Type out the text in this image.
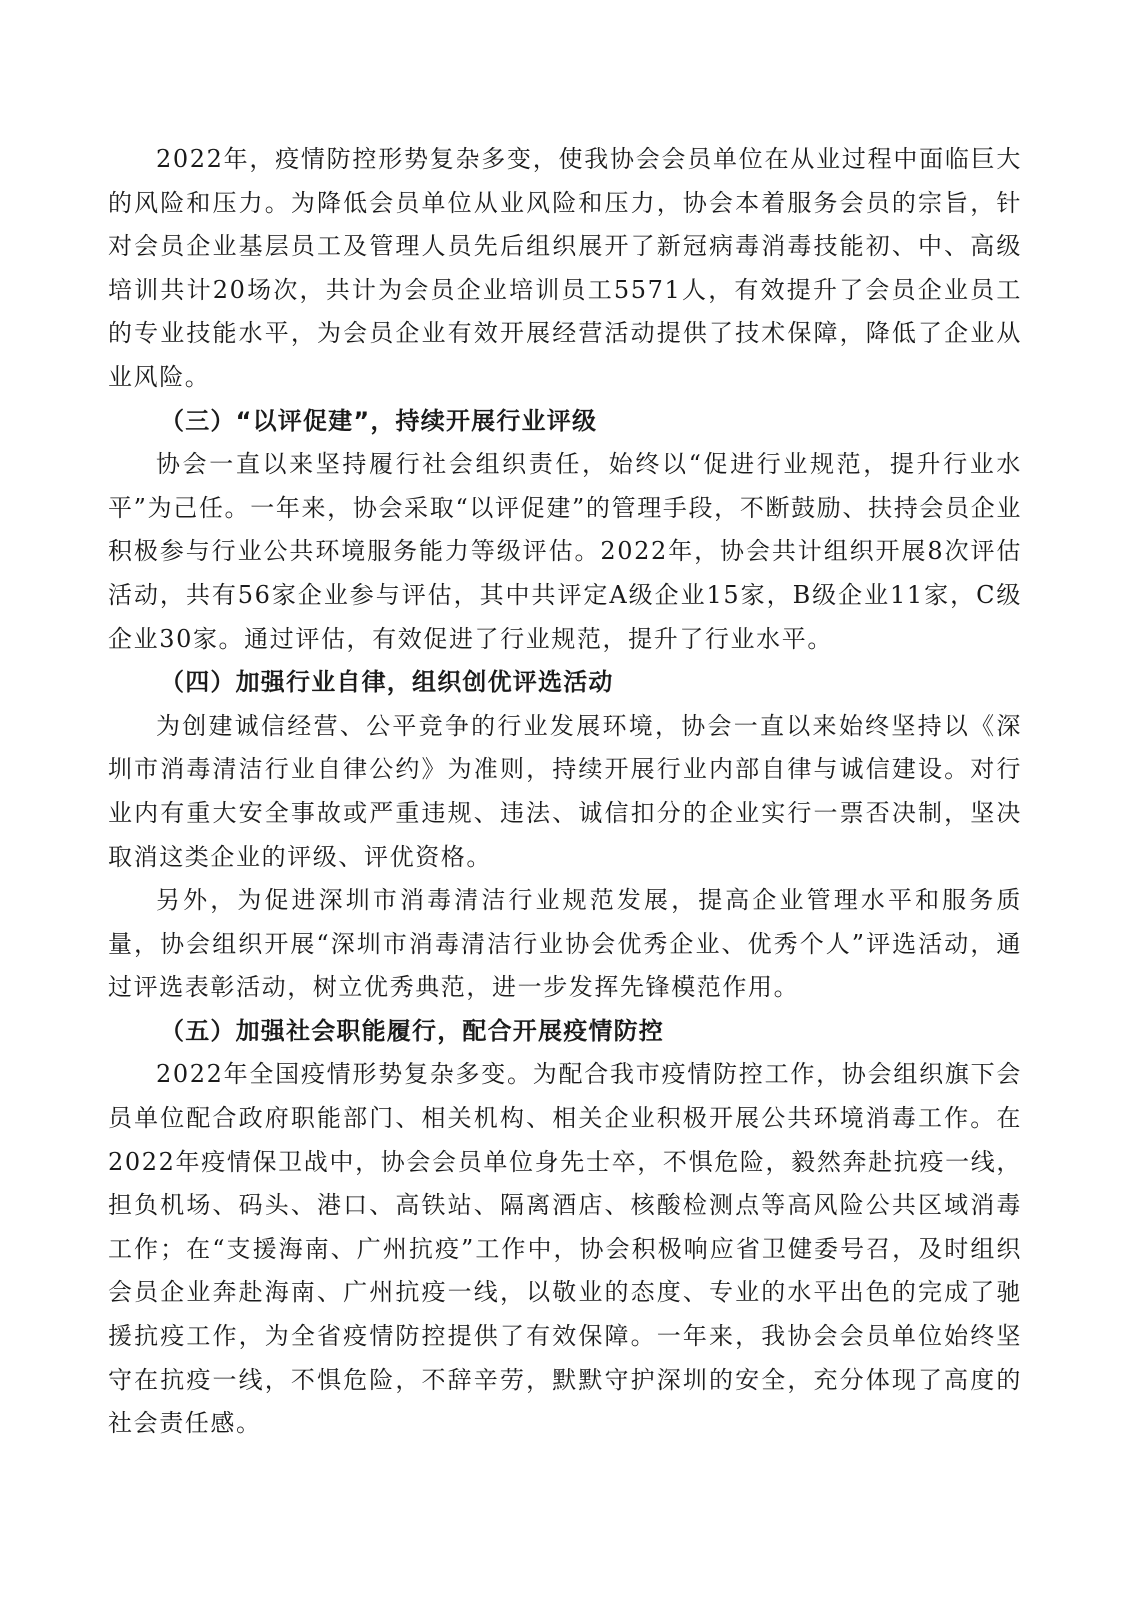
2022年，疫情防控形势复杂多变，使我协会会员单位在从业过程中面临巨大的风险和压力。为降低会员单位从业风险和压力，协会本着服务会员的宗旨，针对会员企业基层员工及管理人员先后组织展开了新冠病毒消毒技能初、中、高级培训共计20场次，共计为会员企业培训员工5571人，有效提升了会员企业员工的专业技能水平，为会员企业有效开展经营活动提供了技术保障，降低了企业从业风险。

（三）“以评促建”，持续开展行业评级

协会一直以来坚持履行社会组织责任，始终以“促进行业规范，提升行业水平”为己任。一年来，协会采取“以评促建”的管理手段，不断鼓励、扶持会员企业积极参与行业公共环境服务能力等级评估。2022年，协会共计组织开展8次评估活动，共有56家企业参与评估，其中共评定A级企业15家，B级企业11家，C级企业30家。通过评估，有效促进了行业规范，提升了行业水平。

（四）加强行业自律，组织创优评选活动

为创建诚信经营、公平竞争的行业发展环境，协会一直以来始终坚持以《深圳市消毒清洁行业自律公约》为准则，持续开展行业内部自律与诚信建设。对行业内有重大安全事故或严重违规、违法、诚信扣分的企业实行一票否决制，坚决取消这类企业的评级、评优资格。

另外，为促进深圳市消毒清洁行业规范发展，提高企业管理水平和服务质量，协会组织开展“深圳市消毒清洁行业协会优秀企业、优秀个人”评选活动，通过评选表彰活动，树立优秀典范，进一步发挥先锋模范作用。

（五）加强社会职能履行，配合开展疫情防控

2022年全国疫情形势复杂多变。为配合我市疫情防控工作，协会组织旗下会员单位配合政府职能部门、相关机构、相关企业积极开展公共环境消毒工作。在2022年疫情保卫战中，协会会员单位身先士卒，不惧危险，毅然奔赴抗疫一线，担负机场、码头、港口、高铁站、隔离酒店、核酸检测点等高风险公共区域消毒工作；在“支援海南、广州抗疫”工作中，协会积极响应省卫健委号召，及时组织会员企业奔赴海南、广州抗疫一线，以敬业的态度、专业的水平出色的完成了驰援抗疫工作，为全省疫情防控提供了有效保障。一年来，我协会会员单位始终坚守在抗疫一线，不惧危险，不辞辛劳，默默守护深圳的安全，充分体现了高度的社会责任感。
